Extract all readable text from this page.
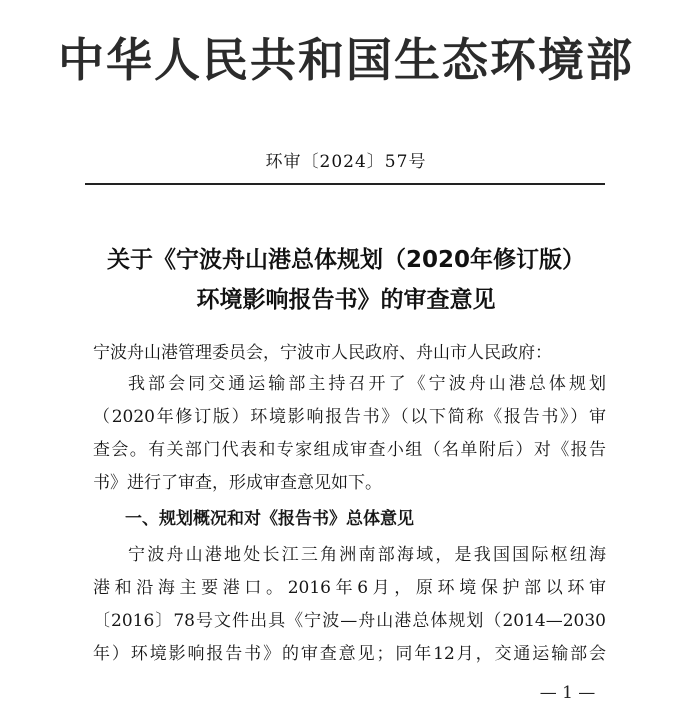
中华人民共和国生态环境部
环审〔2024〕57号
关于《宁波舟山港总体规划（2020年修订版）
环境影响报告书》的审查意见
宁波舟山港管理委员会，宁波市人民政府、舟山市人民政府：
我部会同交通运输部主持召开了《宁波舟山港总体规划
（2020年修订版）环境影响报告书》（以下简称《报告书》）审
查会。有关部门代表和专家组成审查小组（名单附后）对《报告
书》进行了审查，形成审查意见如下。
一、规划概况和对《报告书》总体意见
宁波舟山港地处长江三角洲南部海域，是我国国际枢纽海
港和沿海主要港口。2016年6月，原环境保护部以环审
〔2016〕78号文件出具《宁波—舟山港总体规划（2014—2030
年）环境影响报告书》的审查意见；同年12月，交通运输部会
— 1 —
